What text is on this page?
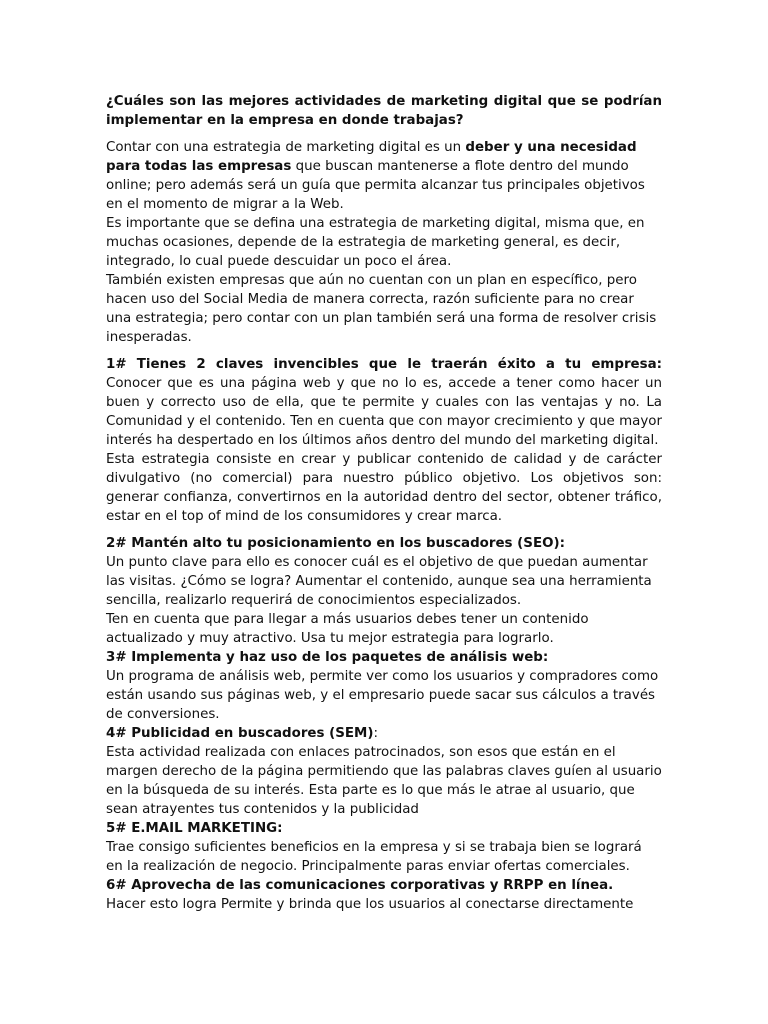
¿Cuáles son las mejores actividades de marketing digital que se podrían implementar en la empresa en donde trabajas?

Contar con una estrategia de marketing digital es un deber y una necesidad para todas las empresas que buscan mantenerse a flote dentro del mundo online; pero además será un guía que permita alcanzar tus principales objetivos en el momento de migrar a la Web.

Es importante que se defina una estrategia de marketing digital, misma que, en muchas ocasiones, depende de la estrategia de marketing general, es decir, integrado, lo cual puede descuidar un poco el área.

También existen empresas que aún no cuentan con un plan en específico, pero hacen uso del Social Media de manera correcta, razón suficiente para no crear una estrategia; pero contar con un plan también será una forma de resolver crisis inesperadas.

1# Tienes 2 claves invencibles que le traerán éxito a tu empresa:

Conocer que es una página web y que no lo es, accede a tener como hacer un buen y correcto uso de ella, que te permite y cuales con las ventajas y no. La Comunidad y el contenido. Ten en cuenta que con mayor crecimiento y que mayor interés ha despertado en los últimos años dentro del mundo del marketing digital.

Esta estrategia consiste en crear y publicar contenido de calidad y de carácter divulgativo (no comercial) para nuestro público objetivo. Los objetivos son: generar confianza, convertirnos en la autoridad dentro del sector, obtener tráfico, estar en el top of mind de los consumidores y crear marca.

2# Mantén alto tu posicionamiento en los buscadores (SEO):

Un punto clave para ello es conocer cuál es el objetivo de que puedan aumentar las visitas. ¿Cómo se logra? Aumentar el contenido, aunque sea una herramienta sencilla, realizarlo requerirá de conocimientos especializados.

Ten en cuenta que para llegar a más usuarios debes tener un contenido actualizado y muy atractivo. Usa tu mejor estrategia para lograrlo.

3# Implementa y haz uso de los paquetes de análisis web:

Un programa de análisis web, permite ver como los usuarios y compradores como están usando sus páginas web, y el empresario puede sacar sus cálculos a través de conversiones.

4# Publicidad en buscadores (SEM):

Esta actividad realizada con enlaces patrocinados, son esos que están en el margen derecho de la página permitiendo que las palabras claves guíen al usuario en la búsqueda de su interés. Esta parte es lo que más le atrae al usuario, que sean atrayentes tus contenidos y la publicidad

5# E.MAIL MARKETING:

Trae consigo suficientes beneficios en la empresa y si se trabaja bien se logrará en la realización de negocio. Principalmente paras enviar ofertas comerciales.

6# Aprovecha de las comunicaciones corporativas y RRPP en línea.

Hacer esto logra Permite y brinda que los usuarios al conectarse directamente
